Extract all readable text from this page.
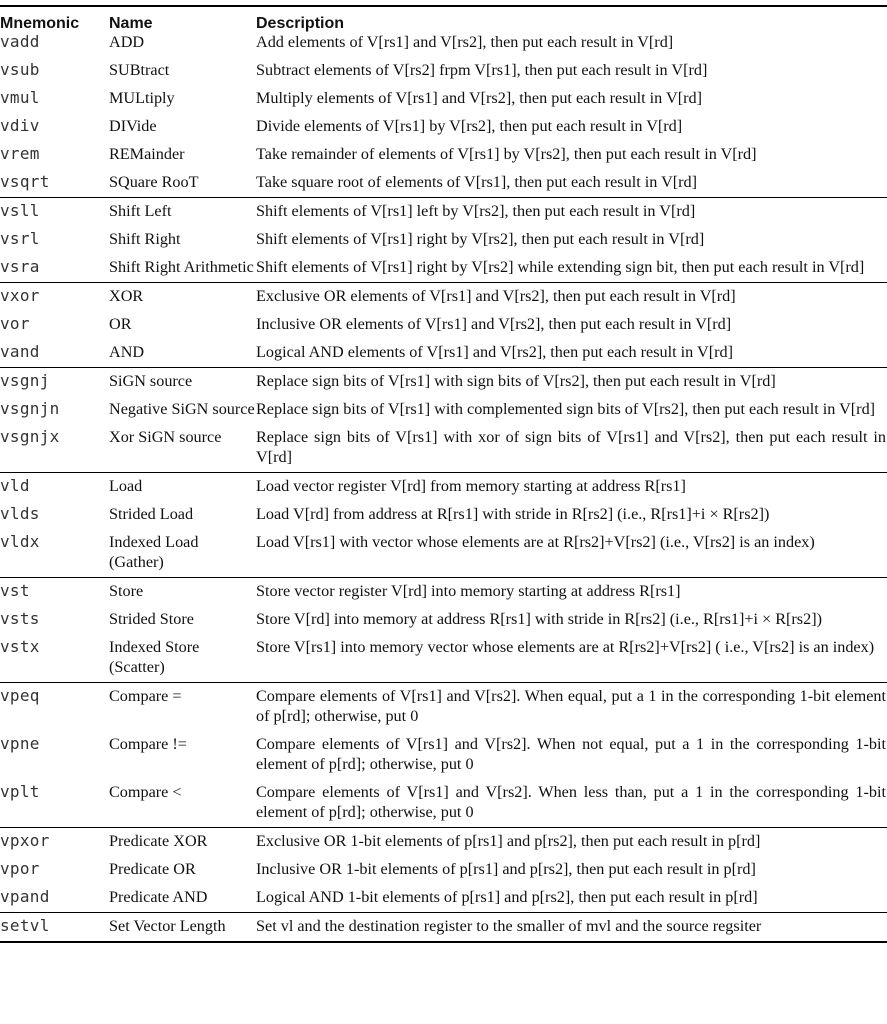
Mnemonic	Name	Description
vadd	ADD	Add elements of V[rs1] and V[rs2], then put each result in V[rd]
vsub	SUBtract	Subtract elements of V[rs2] frpm V[rs1], then put each result in V[rd]
vmul	MULtiply	Multiply elements of V[rs1] and V[rs2], then put each result in V[rd]
vdiv	DIVide	Divide elements of V[rs1] by V[rs2], then put each result in V[rd]
vrem	REMainder	Take remainder of elements of V[rs1] by V[rs2], then put each result in V[rd]
vsqrt	SQuare RooT	Take square root of elements of V[rs1], then put each result in V[rd]
vsll	Shift Left	Shift elements of V[rs1] left by V[rs2], then put each result in V[rd]
vsrl	Shift Right	Shift elements of V[rs1] right by V[rs2], then put each result in V[rd]
vsra	Shift Right Arithmetic	Shift elements of V[rs1] right by V[rs2] while extending sign bit, then put each result in V[rd]
vxor	XOR	Exclusive OR elements of V[rs1] and V[rs2], then put each result in V[rd]
vor	OR	Inclusive OR elements of V[rs1] and V[rs2], then put each result in V[rd]
vand	AND	Logical AND elements of V[rs1] and V[rs2], then put each result in V[rd]
vsgnj	SiGN source	Replace sign bits of V[rs1] with sign bits of V[rs2], then put each result in V[rd]
vsgnjn	Negative SiGN source	Replace sign bits of V[rs1] with complemented sign bits of V[rs2], then put each result in V[rd]
vsgnjx	Xor SiGN source	Replace sign bits of V[rs1] with xor of sign bits of V[rs1] and V[rs2], then put each result in V[rd]
vld	Load	Load vector register V[rd] from memory starting at address R[rs1]
vlds	Strided Load	Load V[rd] from address at R[rs1] with stride in R[rs2] (i.e., R[rs1]+i × R[rs2])
vldx	Indexed Load (Gather)	Load V[rs1] with vector whose elements are at R[rs2]+V[rs2] (i.e., V[rs2] is an index)
vst	Store	Store vector register V[rd] into memory starting at address R[rs1]
vsts	Strided Store	Store V[rd] into memory at address R[rs1] with stride in R[rs2] (i.e., R[rs1]+i × R[rs2])
vstx	Indexed Store (Scatter)	Store V[rs1] into memory vector whose elements are at R[rs2]+V[rs2] ( i.e., V[rs2] is an index)
vpeq	Compare =	Compare elements of V[rs1] and V[rs2]. When equal, put a 1 in the corresponding 1-bit element of p[rd]; otherwise, put 0
vpne	Compare !=	Compare elements of V[rs1] and V[rs2]. When not equal, put a 1 in the corresponding 1-bit element of p[rd]; otherwise, put 0
vplt	Compare <	Compare elements of V[rs1] and V[rs2]. When less than, put a 1 in the corresponding 1-bit element of p[rd]; otherwise, put 0
vpxor	Predicate XOR	Exclusive OR 1-bit elements of p[rs1] and p[rs2], then put each result in p[rd]
vpor	Predicate OR	Inclusive OR 1-bit elements of p[rs1] and p[rs2], then put each result in p[rd]
vpand	Predicate AND	Logical AND 1-bit elements of p[rs1] and p[rs2], then put each result in p[rd]
setvl	Set Vector Length	Set vl and the destination register to the smaller of mvl and the source regsiter
